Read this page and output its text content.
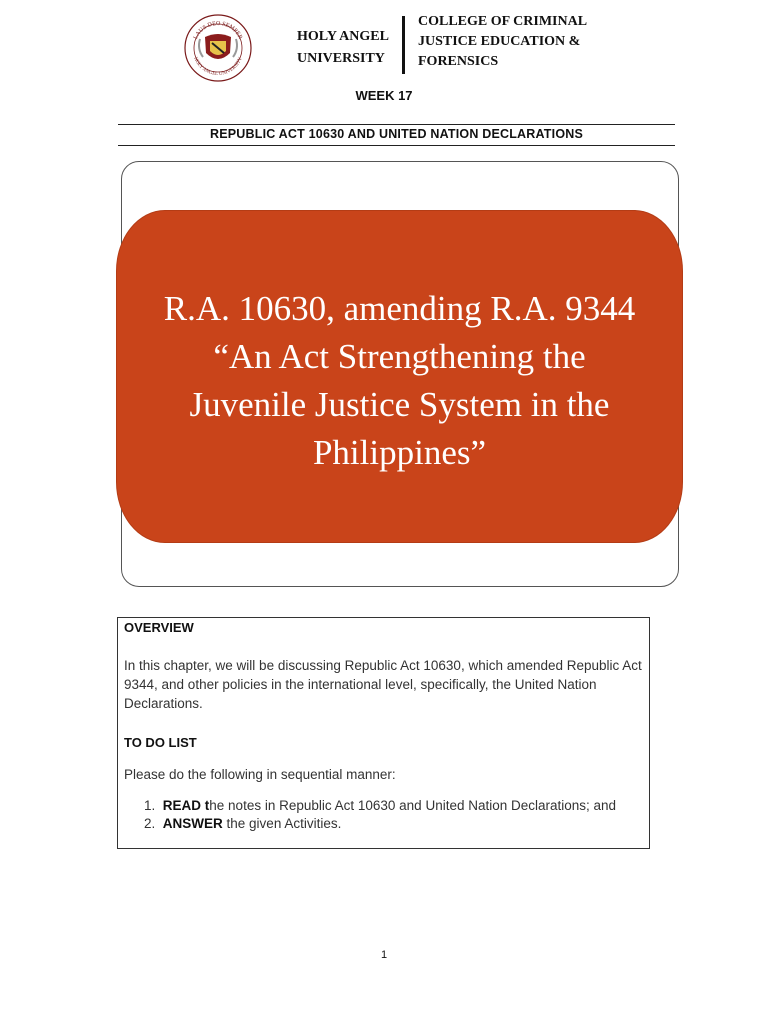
LAUS DEO SEMPER
HOLY ANGEL UNIVERSITY
HOLY ANGEL
UNIVERSITY
COLLEGE OF CRIMINAL
JUSTICE EDUCATION &
FORENSICS
WEEK 17
REPUBLIC ACT 10630 AND UNITED NATION DECLARATIONS
R.A. 10630, amending R.A. 9344
“An Act Strengthening the
Juvenile Justice System in the
Philippines”
OVERVIEW
In this chapter, we will be discussing Republic Act 10630, which amended Republic Act 9344, and other policies in the international level, specifically, the United Nation Declarations.
TO DO LIST
Please do the following in sequential manner:
1. READ the notes in Republic Act 10630 and United Nation Declarations; and
2. ANSWER the given Activities.
1
